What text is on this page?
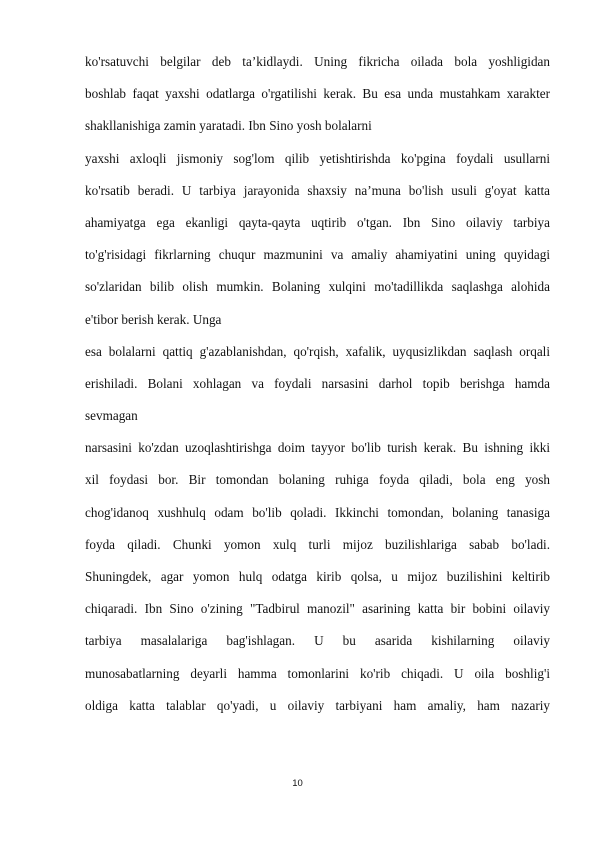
ko'rsatuvchi belgilar deb ta’kidlaydi. Uning fikricha oilada bola yoshligidan
boshlab faqat yaxshi odatlarga o'rgatilishi kerak. Bu esa unda mustahkam xarakter
shakllanishiga zamin yaratadi. Ibn Sino yosh bolalarni
yaxshi axloqli jismoniy sog'lom qilib yetishtirishda ko'pgina foydali usullarni
ko'rsatib beradi. U tarbiya jarayonida shaxsiy na’muna bo'lish usuli g'oyat katta
ahamiyatga ega ekanligi qayta-qayta uqtirib o'tgan. Ibn Sino oilaviy tarbiya
to'g'risidagi fikrlarning chuqur mazmunini va amaliy ahamiyatini uning quyidagi
so'zlaridan bilib olish mumkin. Bolaning xulqini mo'tadillikda saqlashga alohida
e'tibor berish kerak. Unga
esa bolalarni qattiq g'azablanishdan, qo'rqish, xafalik, uyqusizlikdan saqlash orqali
erishiladi. Bolani xohlagan va foydali narsasini darhol topib berishga hamda
sevmagan
narsasini ko'zdan uzoqlashtirishga doim tayyor bo'lib turish kerak. Bu ishning ikki
xil foydasi bor. Bir tomondan bolaning ruhiga foyda qiladi, bola eng yosh
chog'idanoq xushhulq odam bo'lib qoladi. Ikkinchi tomondan, bolaning tanasiga
foyda qiladi. Chunki yomon xulq turli mijoz buzilishlariga sabab bo'ladi.
Shuningdek, agar yomon hulq odatga kirib qolsa, u mijoz buzilishini keltirib
chiqaradi. Ibn Sino o'zining "Tadbirul manozil" asarining katta bir bobini oilaviy
tarbiya masalalariga bag'ishlagan. U bu asarida kishilarning oilaviy
munosabatlarning deyarli hamma tomonlarini ko'rib chiqadi. U oila boshlig'i
oldiga katta talablar qo'yadi, u oilaviy tarbiyani ham amaliy, ham nazariy
10
